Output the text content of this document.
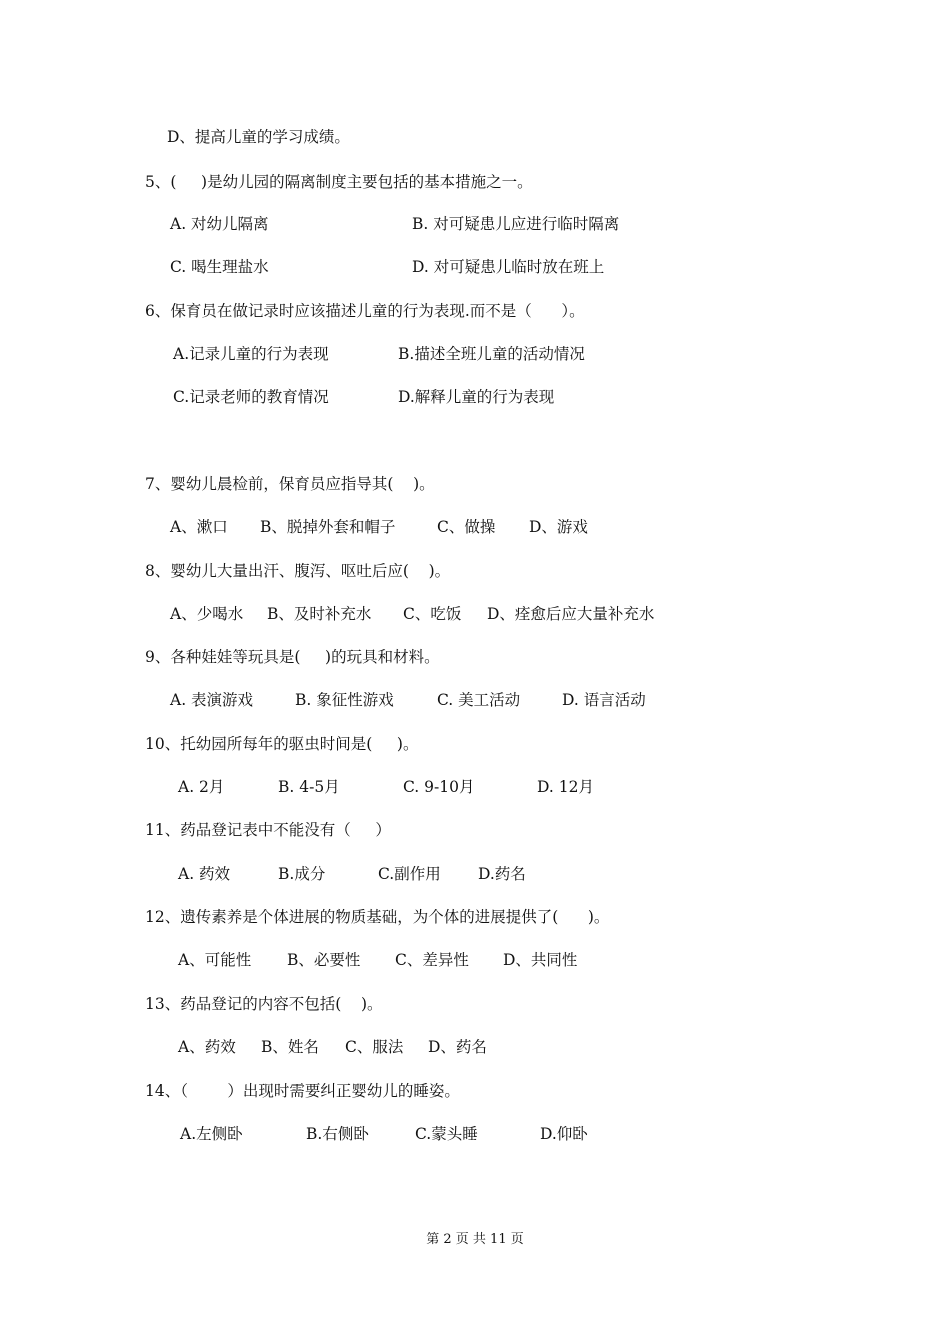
D、提高儿童的学习成绩。
5、(     )是幼儿园的隔离制度主要包括的基本措施之一。
A. 对幼儿隔离	B. 对可疑患儿应进行临时隔离
C. 喝生理盐水	D. 对可疑患儿临时放在班上
6、保育员在做记录时应该描述儿童的行为表现.而不是（      ）。
A.记录儿童的行为表现	B.描述全班儿童的活动情况
C.记录老师的教育情况	D.解释儿童的行为表现
7、婴幼儿晨检前，保育员应指导其(    )。
A、漱口 B、脱掉外套和帽子	C、做操 D、游戏
8、婴幼儿大量出汗、腹泻、呕吐后应(    )。
A、少喝水 B、及时补充水 C、吃饭 D、痊愈后应大量补充水
9、各种娃娃等玩具是(     )的玩具和材料。
A. 表演游戏	B. 象征性游戏	C. 美工活动	D. 语言活动
10、托幼园所每年的驱虫时间是(     )。
A. 2月	B. 4-5月	C. 9-10月	D. 12月
11、药品登记表中不能没有（     ）
A. 药效	B.成分	C.副作用 D.药名
12、遗传素养是个体进展的物质基础，为个体的进展提供了(      )。
A、可能性 B、必要性 C、差异性 D、共同性
13、药品登记的内容不包括(    )。
A、药效 B、姓名 C、服法 D、药名
14、（        ）出现时需要纠正婴幼儿的睡姿。
A.左侧卧	B.右侧卧	C.蒙头睡	D.仰卧
第 2 页 共 11 页
